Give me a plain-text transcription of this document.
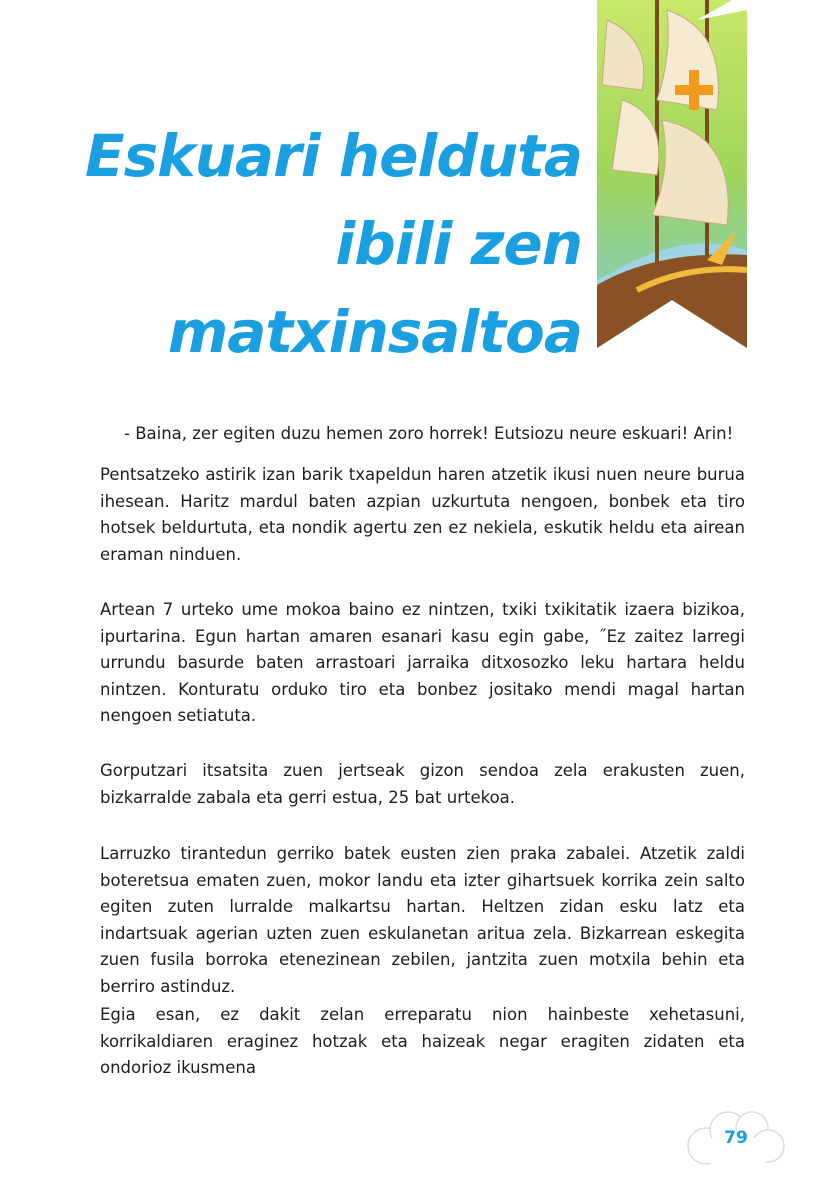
Eskuari helduta
ibili zen
matxinsaltoa
- Baina, zer egiten duzu hemen zoro horrek! Eutsiozu neure eskuari! Arin!
Pentsatzeko astirik izan barik txapeldun haren atzetik ikusi nuen neure burua ihesean. Haritz mardul baten azpian uzkurtuta nengoen, bonbek eta tiro hotsek beldurtuta, eta nondik agertu zen ez nekiela, eskutik heldu eta airean eraman ninduen.
Artean 7 urteko ume mokoa baino ez nintzen, txiki txikitatik izaera bizikoa, ipurtarina. Egun hartan amaren esanari kasu egin gabe, ˝Ez zaitez larregi urrundu basurde baten arrastoari jarraika ditxosozko leku hartara heldu nintzen. Konturatu orduko tiro eta bonbez jositako mendi magal hartan nengoen setiatuta.
Gorputzari itsatsita zuen jertseak gizon sendoa zela erakusten zuen, bizkarralde zabala eta gerri estua, 25 bat urtekoa.
Larruzko tirantedun gerriko batek eusten zien praka zabalei. Atzetik zaldi boteretsua ematen zuen, mokor landu eta izter gihartsuek korrika zein salto egiten zuten lurralde malkartsu hartan. Heltzen zidan esku latz eta indartsuak agerian uzten zuen eskulanetan aritua zela. Bizkarrean eskegita zuen fusila borroka etenezinean zebilen, jantzita zuen motxila behin eta berriro astinduz.
Egia esan, ez dakit zelan erreparatu nion hainbeste xehetasuni, korrikaldiaren eraginez hotzak eta haizeak negar eragiten zidaten eta ondorioz ikusmena
79
